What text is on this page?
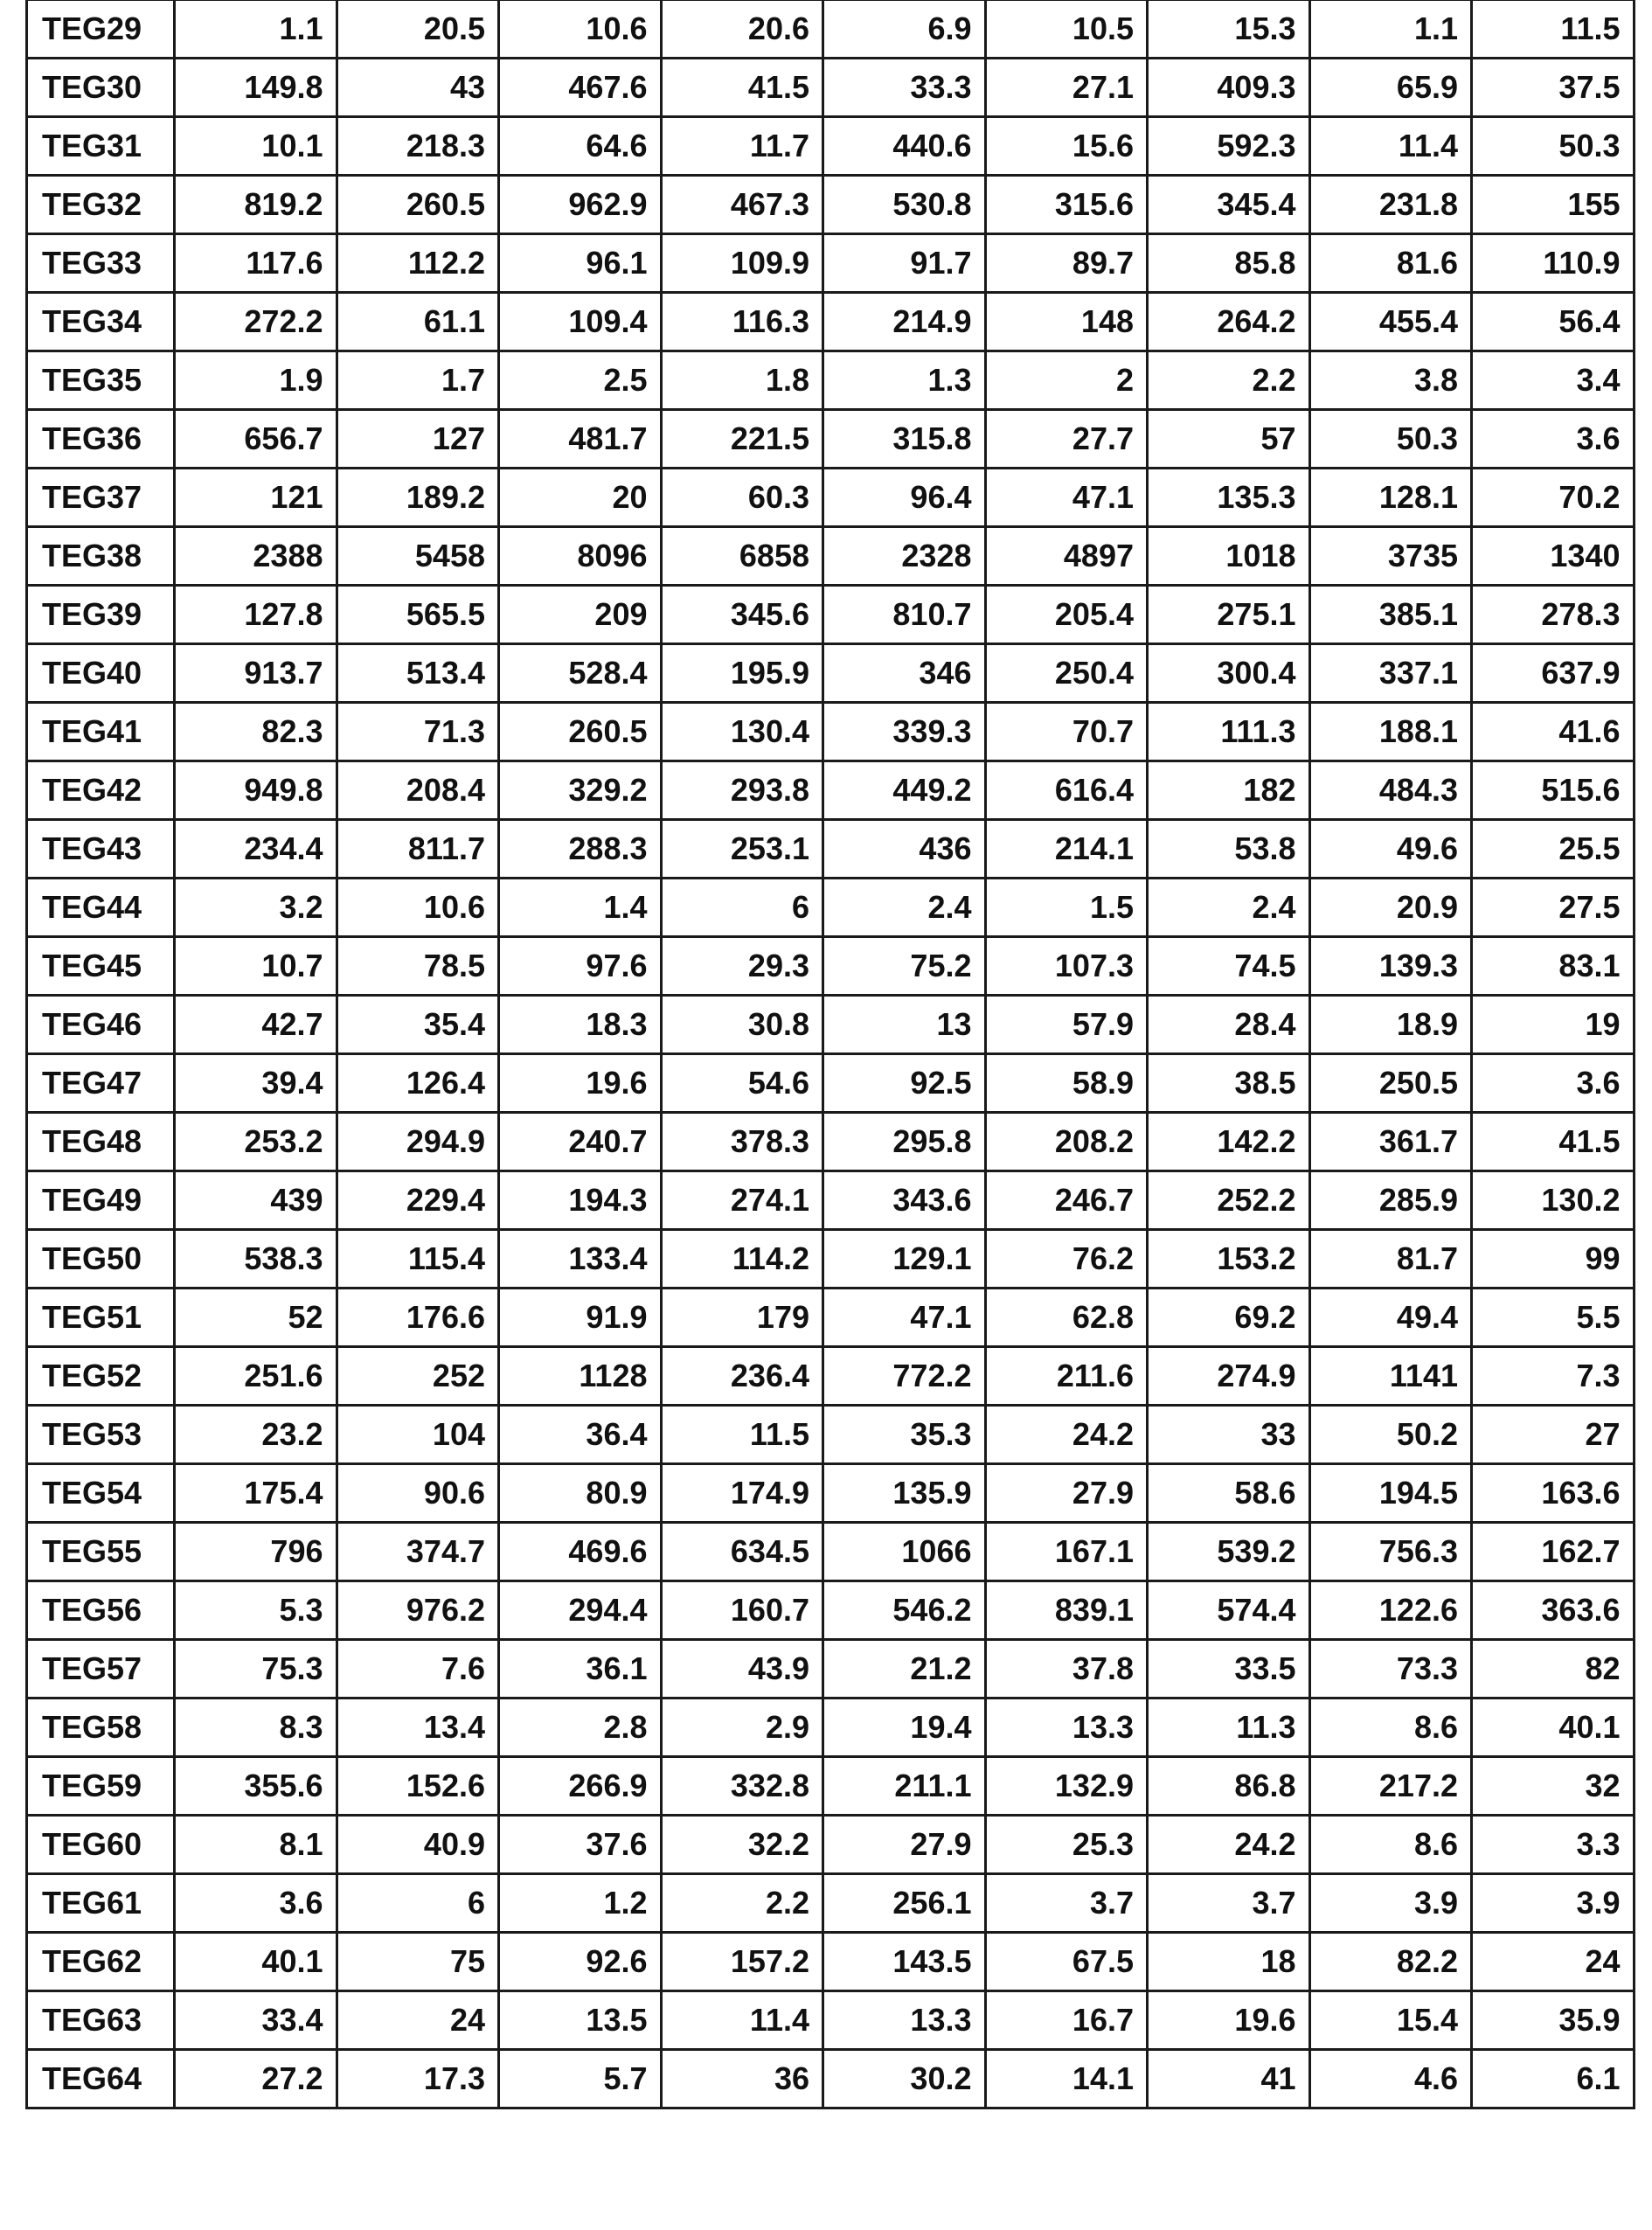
TEG29	1.1	20.5	10.6	20.6	6.9	10.5	15.3	1.1	11.5
TEG30	149.8	43	467.6	41.5	33.3	27.1	409.3	65.9	37.5
TEG31	10.1	218.3	64.6	11.7	440.6	15.6	592.3	11.4	50.3
TEG32	819.2	260.5	962.9	467.3	530.8	315.6	345.4	231.8	155
TEG33	117.6	112.2	96.1	109.9	91.7	89.7	85.8	81.6	110.9
TEG34	272.2	61.1	109.4	116.3	214.9	148	264.2	455.4	56.4
TEG35	1.9	1.7	2.5	1.8	1.3	2	2.2	3.8	3.4
TEG36	656.7	127	481.7	221.5	315.8	27.7	57	50.3	3.6
TEG37	121	189.2	20	60.3	96.4	47.1	135.3	128.1	70.2
TEG38	2388	5458	8096	6858	2328	4897	1018	3735	1340
TEG39	127.8	565.5	209	345.6	810.7	205.4	275.1	385.1	278.3
TEG40	913.7	513.4	528.4	195.9	346	250.4	300.4	337.1	637.9
TEG41	82.3	71.3	260.5	130.4	339.3	70.7	111.3	188.1	41.6
TEG42	949.8	208.4	329.2	293.8	449.2	616.4	182	484.3	515.6
TEG43	234.4	811.7	288.3	253.1	436	214.1	53.8	49.6	25.5
TEG44	3.2	10.6	1.4	6	2.4	1.5	2.4	20.9	27.5
TEG45	10.7	78.5	97.6	29.3	75.2	107.3	74.5	139.3	83.1
TEG46	42.7	35.4	18.3	30.8	13	57.9	28.4	18.9	19
TEG47	39.4	126.4	19.6	54.6	92.5	58.9	38.5	250.5	3.6
TEG48	253.2	294.9	240.7	378.3	295.8	208.2	142.2	361.7	41.5
TEG49	439	229.4	194.3	274.1	343.6	246.7	252.2	285.9	130.2
TEG50	538.3	115.4	133.4	114.2	129.1	76.2	153.2	81.7	99
TEG51	52	176.6	91.9	179	47.1	62.8	69.2	49.4	5.5
TEG52	251.6	252	1128	236.4	772.2	211.6	274.9	1141	7.3
TEG53	23.2	104	36.4	11.5	35.3	24.2	33	50.2	27
TEG54	175.4	90.6	80.9	174.9	135.9	27.9	58.6	194.5	163.6
TEG55	796	374.7	469.6	634.5	1066	167.1	539.2	756.3	162.7
TEG56	5.3	976.2	294.4	160.7	546.2	839.1	574.4	122.6	363.6
TEG57	75.3	7.6	36.1	43.9	21.2	37.8	33.5	73.3	82
TEG58	8.3	13.4	2.8	2.9	19.4	13.3	11.3	8.6	40.1
TEG59	355.6	152.6	266.9	332.8	211.1	132.9	86.8	217.2	32
TEG60	8.1	40.9	37.6	32.2	27.9	25.3	24.2	8.6	3.3
TEG61	3.6	6	1.2	2.2	256.1	3.7	3.7	3.9	3.9
TEG62	40.1	75	92.6	157.2	143.5	67.5	18	82.2	24
TEG63	33.4	24	13.5	11.4	13.3	16.7	19.6	15.4	35.9
TEG64	27.2	17.3	5.7	36	30.2	14.1	41	4.6	6.1
